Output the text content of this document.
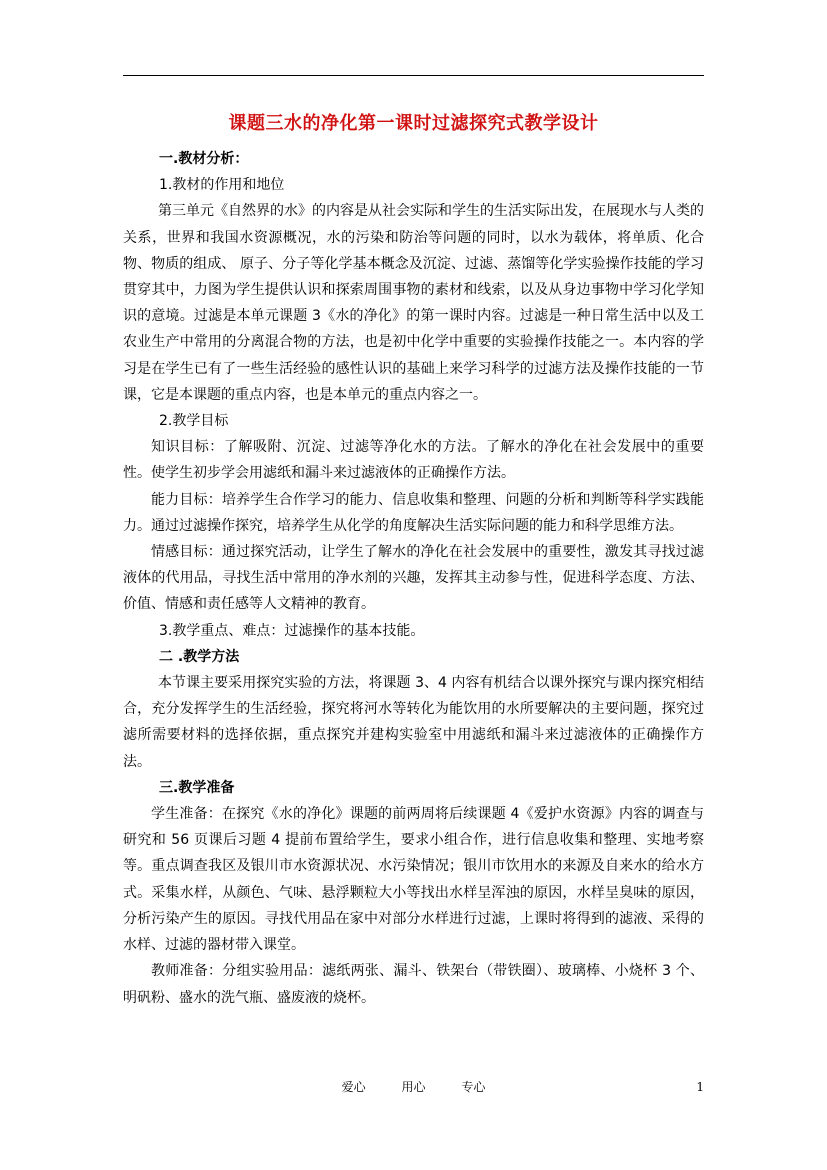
课题三水的净化第一课时过滤探究式教学设计

一.教材分析：

1.教材的作用和地位

第三单元《自然界的水》的内容是从社会实际和学生的生活实际出发，在展现水与人类的关系，世界和我国水资源概况，水的污染和防治等问题的同时，以水为载体，将单质、化合物、物质的组成、 原子、分子等化学基本概念及沉淀、过滤、蒸馏等化学实验操作技能的学习贯穿其中，力图为学生提供认识和探索周围事物的素材和线索，以及从身边事物中学习化学知识的意境。过滤是本单元课题 3《水的净化》的第一课时内容。过滤是一种日常生活中以及工农业生产中常用的分离混合物的方法，也是初中化学中重要的实验操作技能之一。本内容的学习是在学生已有了一些生活经验的感性认识的基础上来学习科学的过滤方法及操作技能的一节课，它是本课题的重点内容，也是本单元的重点内容之一。

2.教学目标

知识目标：了解吸附、沉淀、过滤等净化水的方法。了解水的净化在社会发展中的重要性。使学生初步学会用滤纸和漏斗来过滤液体的正确操作方法。

能力目标：培养学生合作学习的能力、信息收集和整理、问题的分析和判断等科学实践能力。通过过滤操作探究，培养学生从化学的角度解决生活实际问题的能力和科学思维方法。

情感目标：通过探究活动，让学生了解水的净化在社会发展中的重要性，激发其寻找过滤液体的代用品，寻找生活中常用的净水剂的兴趣，发挥其主动参与性，促进科学态度、方法、价值、情感和责任感等人文精神的教育。

3.教学重点、难点：过滤操作的基本技能。

二 .教学方法

本节课主要采用探究实验的方法，将课题 3、4 内容有机结合以课外探究与课内探究相结合，充分发挥学生的生活经验，探究将河水等转化为能饮用的水所要解决的主要问题，探究过滤所需要材料的选择依据，重点探究并建构实验室中用滤纸和漏斗来过滤液体的正确操作方法。

三.教学准备

学生准备：在探究《水的净化》课题的前两周将后续课题 4《爱护水资源》内容的调查与研究和 56 页课后习题 4 提前布置给学生，要求小组合作，进行信息收集和整理、实地考察等。重点调查我区及银川市水资源状况、水污染情况；银川市饮用水的来源及自来水的给水方式。采集水样，从颜色、气味、悬浮颗粒大小等找出水样呈浑浊的原因，水样呈臭味的原因，分析污染产生的原因。寻找代用品在家中对部分水样进行过滤，上课时将得到的滤液、采得的水样、过滤的器材带入课堂。

教师准备：分组实验用品：滤纸两张、漏斗、铁架台（带铁圈）、玻璃棒、小烧杯 3 个、明矾粉、盛水的洗气瓶、盛废液的烧杯。

爱心	用心	专心	1
